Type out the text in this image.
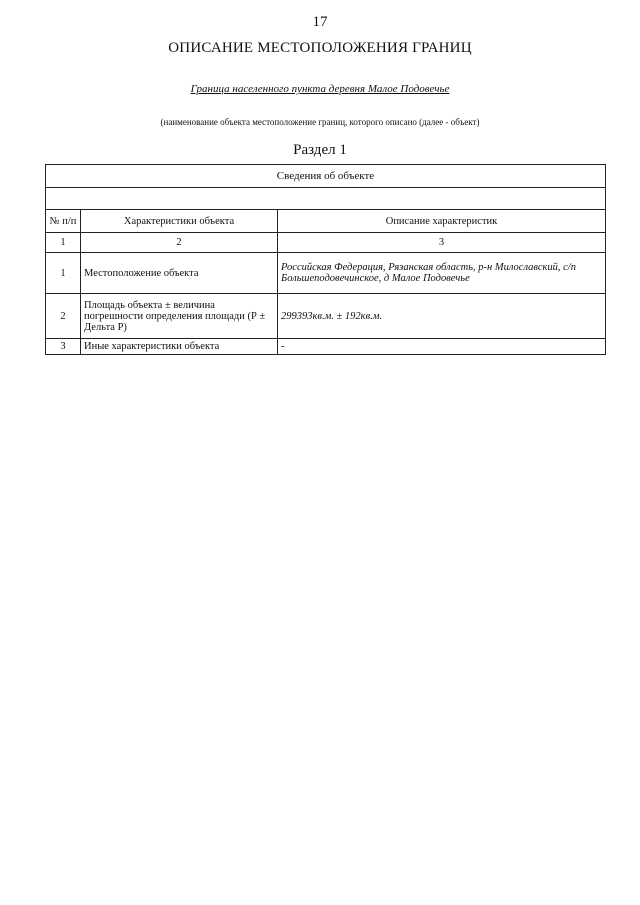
17
ОПИСАНИЕ МЕСТОПОЛОЖЕНИЯ ГРАНИЦ
Граница населенного пункта деревня Малое Подовечье
(наименование объекта местоположение границ, которого описано (далее - объект)
Раздел 1
Сведения об объекте		

№ п/п	Характеристики объекта	Описание характеристик
1	2	3
1	Местоположение объекта	Российская Федерация, Рязанская область, р-н Милославский, с/п Большеподовечинское, д Малое Подовечье
2	Площадь объекта ± величина погрешности определения площади (Р ± Дельта Р)	299393кв.м. ± 192кв.м.
3	Иные характеристики объекта	-
